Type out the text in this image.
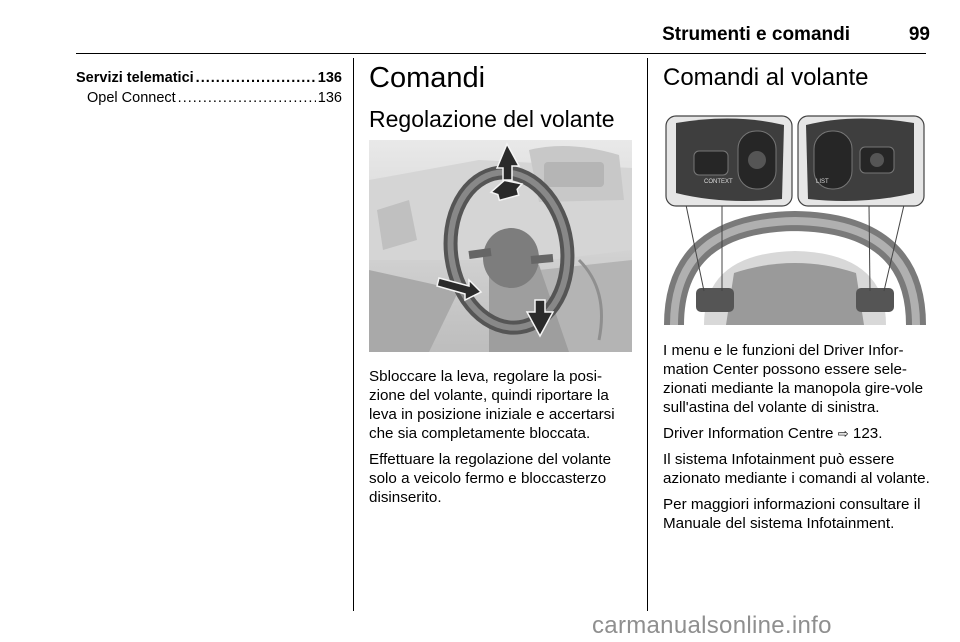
Strumenti e comandi	99
Servizi telematici .....	136
Opel Connect .....	136
Comandi
Regolazione del volante

Sbloccare la leva, regolare la posi-zione del volante, quindi riportare la leva in posizione iniziale e accertarsi che sia completamente bloccata.

Effettuare la regolazione del volante solo a veicolo fermo e bloccasterzo disinserito.

Comandi al volante
CONTEXT	LIST

I menu e le funzioni del Driver Infor-mation Center possono essere sele-zionati mediante la manopola gire-vole sull'astina del volante di sinistra.

Driver Information Centre ⇨ 123.

Il sistema Infotainment può essere azionato mediante i comandi al volante.

Per maggiori informazioni consultare il Manuale del sistema Infotainment.

carmanualsonline.info
